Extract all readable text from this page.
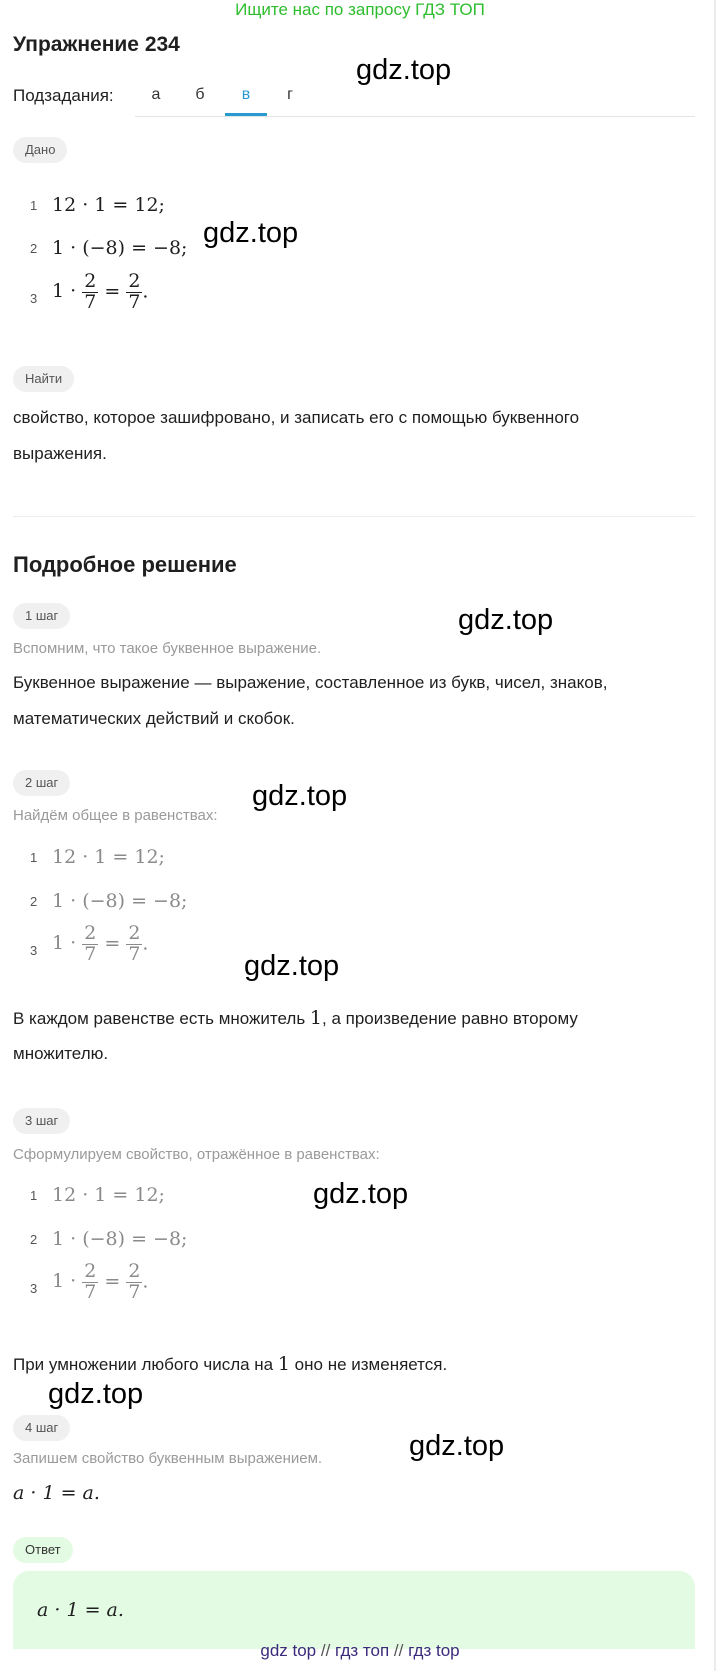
Ищите нас по запросу ГДЗ ТОП
Упражнение 234
gdz.top
Подзадания:	а	б	в	г
Дано
1 12 · 1 = 12;
2 1 · (−8) = −8;
3 $1 \cdot \frac{2}{7} = \frac{2}{7}$ .
gdz.top
Найти
свойство, которое зашифровано, и записать его с помощью буквенного
выражения.
Подробное решение
1 шаг	gdz.top
Вспомним, что такое буквенное выражение.
Буквенное выражение — выражение, составленное из букв, чисел, знаков,
математических действий и скобок.
2 шаг	gdz.top
Найдём общее в равенствах:
1 12 · 1 = 12;
2 1 · (−8) = −8;
3 $1 \cdot \frac{2}{7} = \frac{2}{7}$ .
gdz.top
В каждом равенстве есть множитель 1, а произведение равно второму
множителю.
3 шаг
gdz.top
Сформулируем свойство, отражённое в равенствах:
1 12 · 1 = 12;
2 1 · (−8) = −8;
3 $1 \cdot \frac{2}{7} = \frac{2}{7}$ .
При умножении любого числа на 1 оно не изменяется.
gdz.top
4 шаг
gdz.top
Запишем свойство буквенным выражением.
a · 1 = a.
Ответ
a · 1 = a.
gdz top // гдз топ // гдз top
